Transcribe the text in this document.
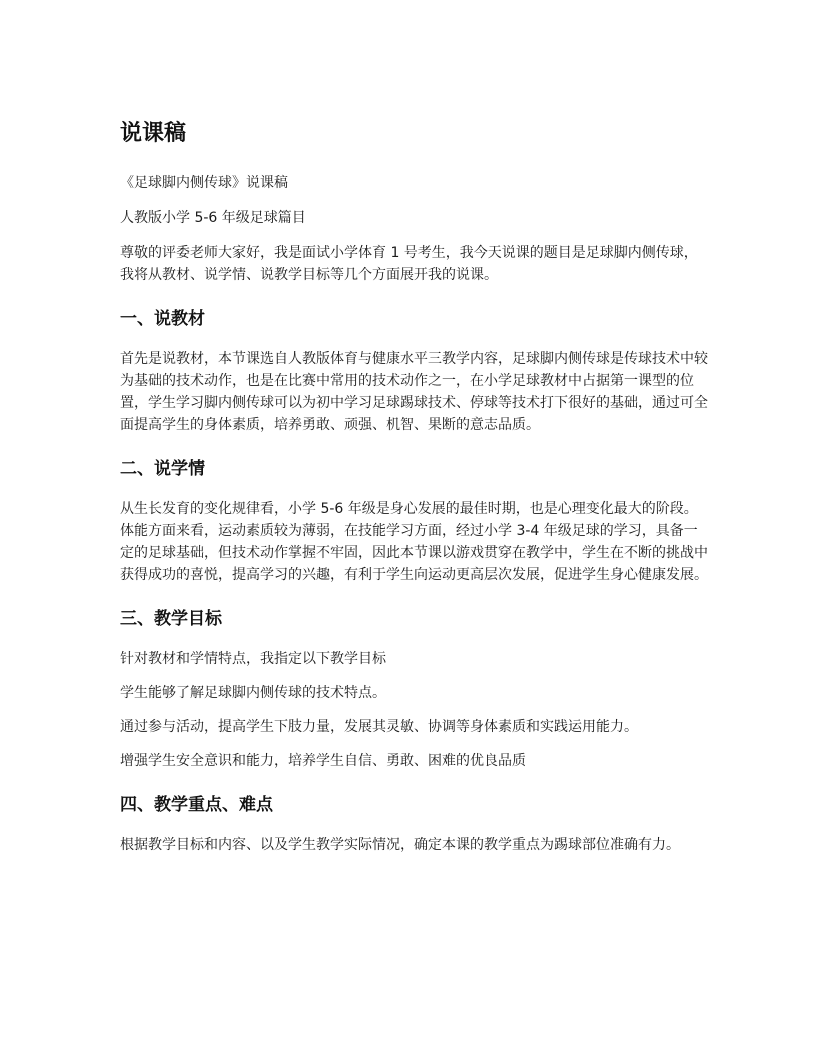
说课稿

《足球脚内侧传球》说课稿

人教版小学 5-6 年级足球篇目

尊敬的评委老师大家好，我是面试小学体育 1 号考生，我今天说课的题目是足球脚内侧传球，我将从教材、说学情、说教学目标等几个方面展开我的说课。

一、说教材

首先是说教材，本节课选自人教版体育与健康水平三教学内容，足球脚内侧传球是传球技术中较为基础的技术动作，也是在比赛中常用的技术动作之一，在小学足球教材中占据第一课型的位置，学生学习脚内侧传球可以为初中学习足球踢球技术、停球等技术打下很好的基础，通过可全面提高学生的身体素质，培养勇敢、顽强、机智、果断的意志品质。

二、说学情

从生长发育的变化规律看，小学 5-6 年级是身心发展的最佳时期，也是心理变化最大的阶段。体能方面来看，运动素质较为薄弱，在技能学习方面，经过小学 3-4 年级足球的学习，具备一定的足球基础，但技术动作掌握不牢固，因此本节课以游戏贯穿在教学中，学生在不断的挑战中获得成功的喜悦，提高学习的兴趣，有利于学生向运动更高层次发展，促进学生身心健康发展。

三、教学目标

针对教材和学情特点，我指定以下教学目标

学生能够了解足球脚内侧传球的技术特点。

通过参与活动，提高学生下肢力量，发展其灵敏、协调等身体素质和实践运用能力。

增强学生安全意识和能力，培养学生自信、勇敢、困难的优良品质

四、教学重点、难点

根据教学目标和内容、以及学生教学实际情况，确定本课的教学重点为踢球部位准确有力。
